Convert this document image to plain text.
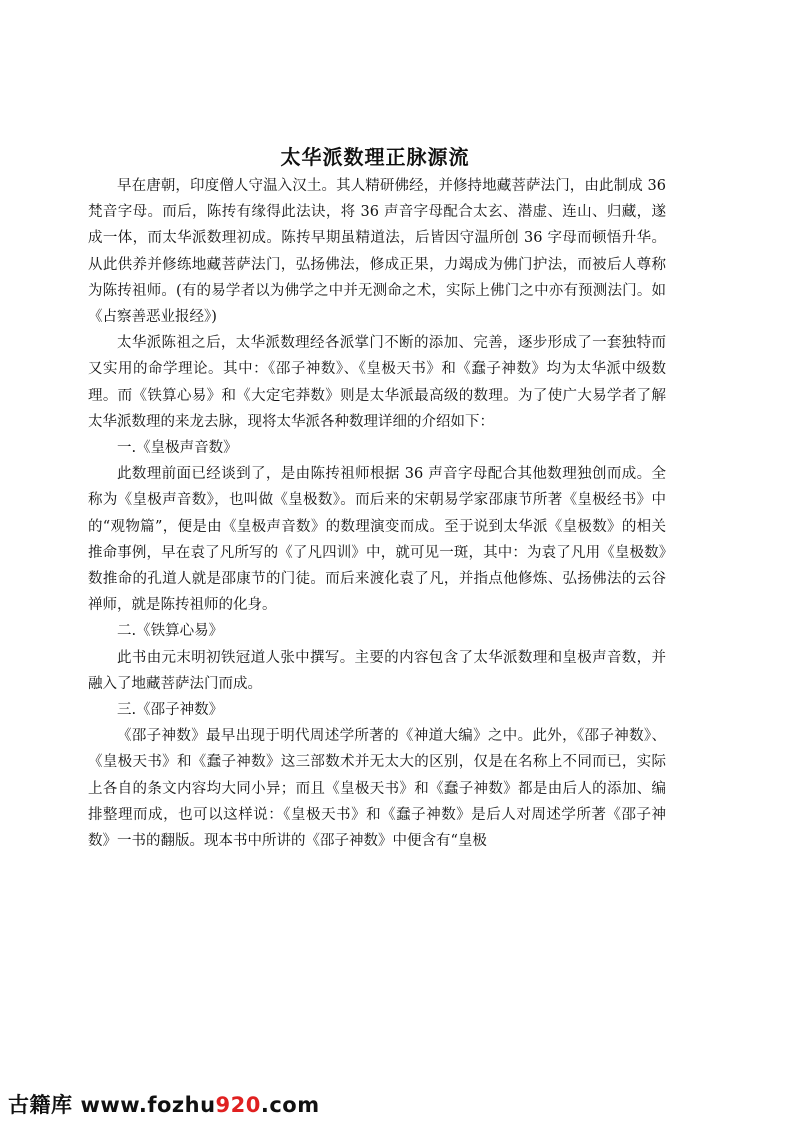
太华派数理正脉源流

早在唐朝，印度僧人守温入汉土。其人精研佛经，并修持地藏菩萨法门，由此制成 36 梵音字母。而后，陈抟有缘得此法诀，将 36 声音字母配合太玄、潜虚、连山、归藏，遂成一体，而太华派数理初成。陈抟早期虽精道法，后皆因守温所创 36 字母而顿悟升华。从此供养并修练地藏菩萨法门，弘扬佛法，修成正果，力竭成为佛门护法，而被后人尊称为陈抟祖师。(有的易学者以为佛学之中并无测命之术，实际上佛门之中亦有预测法门。如《占察善恶业报经》)

太华派陈祖之后，太华派数理经各派掌门不断的添加、完善，逐步形成了一套独特而又实用的命学理论。其中：《邵子神数》、《皇极天书》和《蠢子神数》均为太华派中级数理。而《铁算心易》和《大定宅莽数》则是太华派最高级的数理。为了使广大易学者了解太华派数理的来龙去脉，现将太华派各种数理详细的介绍如下：

一.《皇极声音数》

此数理前面已经谈到了，是由陈抟祖师根据 36 声音字母配合其他数理独创而成。全称为《皇极声音数》，也叫做《皇极数》。而后来的宋朝易学家邵康节所著《皇极经书》中的“观物篇”，便是由《皇极声音数》的数理演变而成。至于说到太华派《皇极数》的相关推命事例，早在袁了凡所写的《了凡四训》中，就可见一斑，其中：为袁了凡用《皇极数》数推命的孔道人就是邵康节的门徒。而后来渡化袁了凡，并指点他修炼、弘扬佛法的云谷禅师，就是陈抟祖师的化身。

二.《铁算心易》

此书由元末明初铁冠道人张中撰写。主要的内容包含了太华派数理和皇极声音数，并融入了地藏菩萨法门而成。

三.《邵子神数》

《邵子神数》最早出现于明代周述学所著的《神道大编》之中。此外，《邵子神数》、《皇极天书》和《蠢子神数》这三部数术并无太大的区别，仅是在名称上不同而已，实际上各自的条文内容均大同小异；而且《皇极天书》和《蠢子神数》都是由后人的添加、编排整理而成，也可以这样说：《皇极天书》和《蠢子神数》是后人对周述学所著《邵子神数》一书的翻版。现本书中所讲的《邵子神数》中便含有“皇极

古籍库 www.fozhu920.com
